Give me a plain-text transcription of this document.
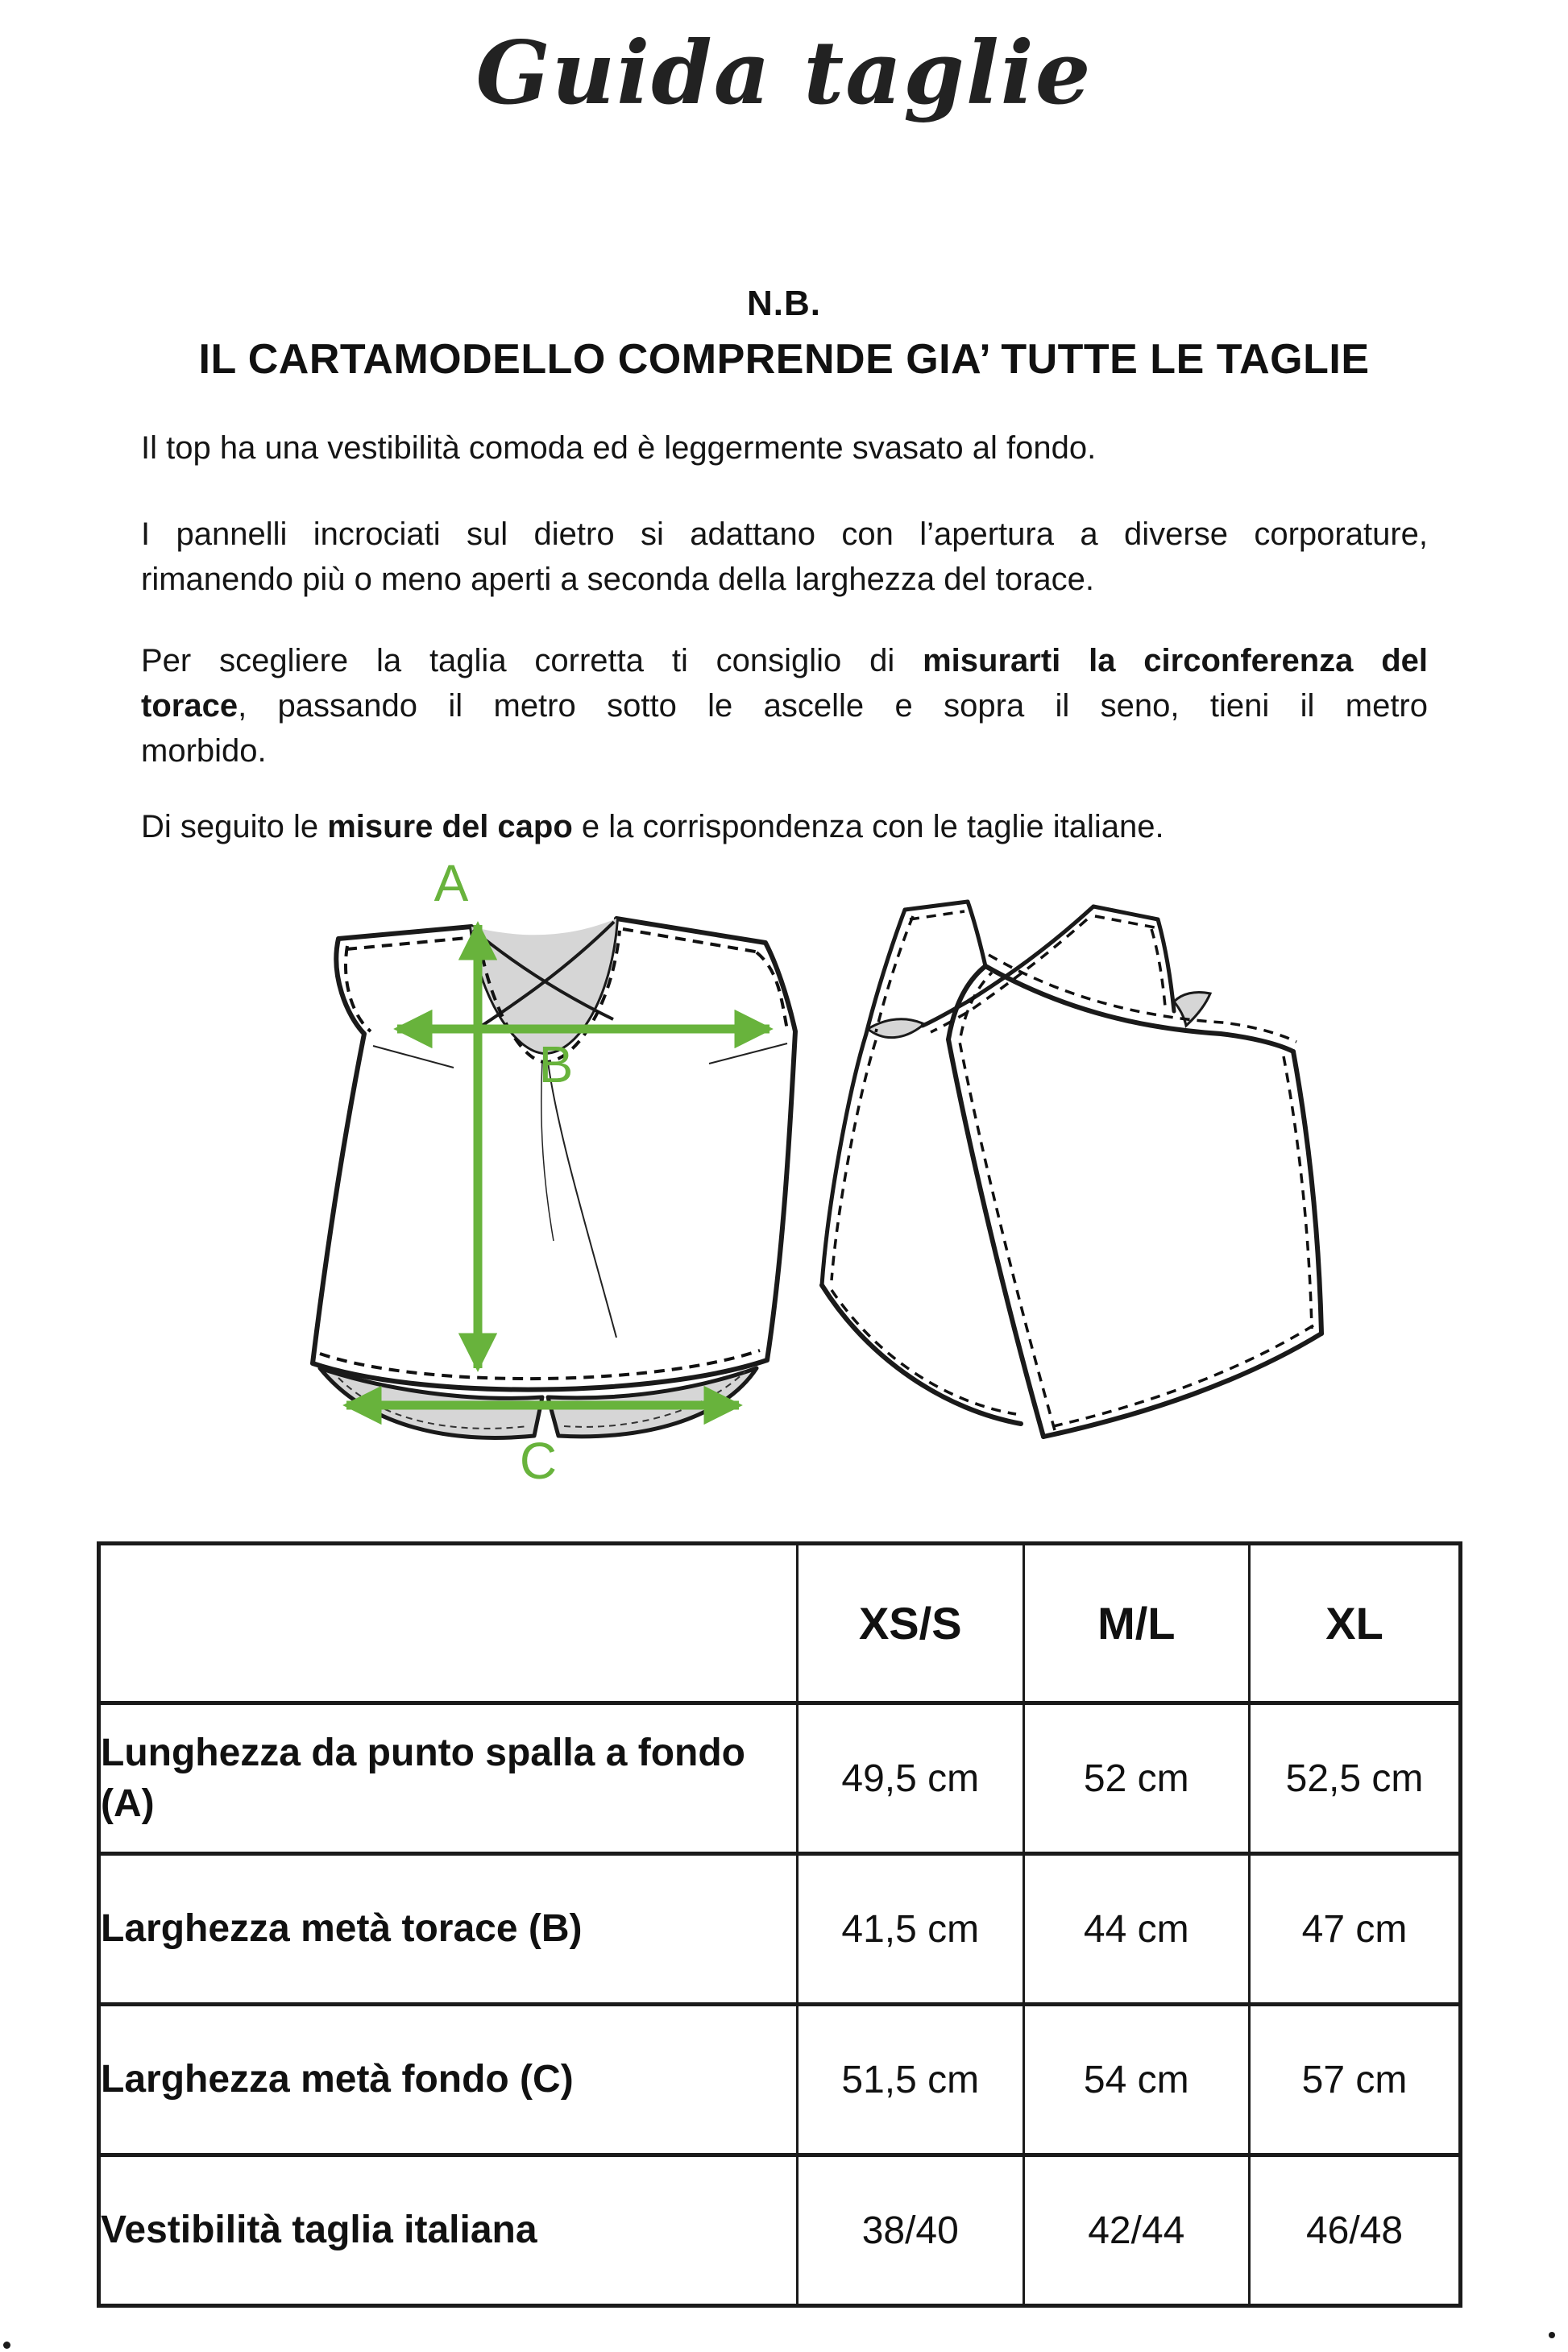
Guida taglie
N.B.
IL CARTAMODELLO COMPRENDE GIA’ TUTTE LE TAGLIE
Il top ha una vestibilità comoda ed è leggermente svasato al fondo.
I pannelli incrociati sul dietro si adattano con l’apertura a diverse corporature,
rimanendo più o meno aperti a seconda della larghezza del torace.
Per scegliere la taglia corretta ti consiglio di misurarti la circonferenza del
torace, passando il metro sotto le ascelle e sopra il seno, tieni il metro
morbido.
Di seguito le misure del capo e la corrispondenza con le taglie italiane.
A
B
C
	XS/S	M/L	XL
Lunghezza da punto spalla a fondo (A)	49,5 cm	52 cm	52,5 cm
Larghezza metà torace (B)	41,5 cm	44 cm	47 cm
Larghezza metà fondo (C)	51,5 cm	54 cm	57 cm
Vestibilità taglia italiana	38/40	42/44	46/48
